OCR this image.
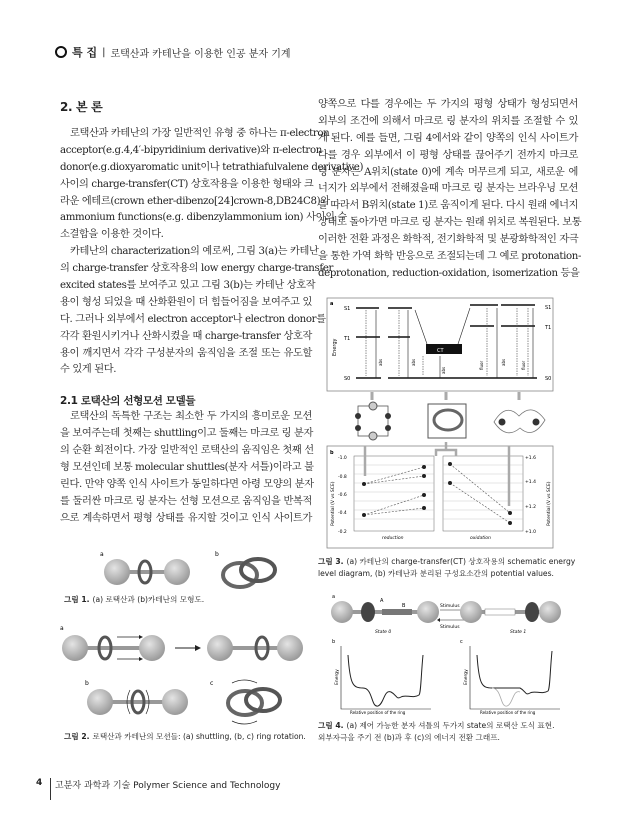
특 집 | 로택산과 카테난을 이용한 인공 분자 기계
2. 본 론
로택산과 카테난의 가장 일반적인 유형 중 하나는 π-electron
acceptor(e.g.4,4′-bipyridinium derivative)와 π-electron
donor(e.g.dioxyaromatic unit이나 tetrathiafulvalene derivative)
사이의 charge-transfer(CT) 상호작용을 이용한 형태와 크
라운 에테르(crown ether-dibenzo[24]crown-8,DB24C8)와
ammonium functions(e.g. dibenzylammonium ion) 사이의 수
소결합을 이용한 것이다.
카테난의 characterization의 예로써, 그림 3(a)는 카테난
의 charge-transfer 상호작용의 low energy charge-transfer
excited states를 보여주고 있고 그림 3(b)는 카테난 상호작
용이 형성 되었을 때 산화환원이 더 힘들어짐을 보여주고 있
다. 그러나 외부에서 electron acceptor나 electron donor를
각각 환원시키거나 산화시켰을 때 charge-transfer 상호작
용이 깨지면서 각각 구성분자의 움직임을 조절 또는 유도할
수 있게 된다.
2.1 로택산의 선형모션 모델들
로택산의 독특한 구조는 최소한 두 가지의 흥미로운 모션
을 보여주는데 첫째는 shuttling이고 둘째는 마크로 링 분자
의 순환 회전이다. 가장 일반적인 로택산의 움직임은 첫째 선
형 모션인데 보통 molecular shuttles(분자 셔틀)이라고 불
린다. 만약 양쪽 인식 사이트가 동일하다면 아령 모양의 분자
를 둘러싼 마크로 링 분자는 선형 모션으로 움직임을 반복적
으로 계속하면서 평형 상태를 유지할 것이고 인식 사이트가
양쪽으로 다를 경우에는 두 가지의 평형 상태가 형성되면서
외부의 조건에 의해서 마크로 링 분자의 위치를 조절할 수 있
게 된다. 예를 들면, 그림 4에서와 같이 양쪽의 인식 사이트가
다를 경우 외부에서 이 평형 상태를 끊어주기 전까지 마크로
링 분자는 A위치(state 0)에 계속 머무르게 되고, 새로운 에
너지가 외부에서 전해졌을때 마크로 링 분자는 브라우닝 모션
을 따라서 B위치(state 1)로 움직이게 된다. 다시 원래 에너지
상태로 돌아가면 마크로 링 분자는 원래 위치로 복원된다. 보통
이러한 전환 과정은 화학적, 전기화학적 및 분광화학적인 자극
을 통한 가역 화학 반응으로 조절되는데 그 예로 protonation-
deprotonation, reduction-oxidation, isomerization 등을
a	b
a
b	c
그림 1. (a) 로택산과 (b)카테난의 모형도.
그림 2. 로택산과 카테난의 모션들: (a) shuttling, (b, c) ring rotation.
a
S1
T1
S0
S1
T1
S0
Energy	CT
abs	abs
abs
abs
fluor	fluor
b
-1.0
-0.8
-0.6
-0.4
-0.2
+1.6
+1.4
+1.2
+1.0
Potential (V vs SCE)	Potential (V vs SCE)
reduction	oxidation
그림 3. (a) 카테난의 charge-transfer(CT) 상호작용의 schematic energy
level diagram, (b) 카테난과 분리된 구성요소간의 potential values.
a
A
B
State 0
Stimulus
Stimulus
State 1
b
Energy
Relative position of the ring
c
Energy
Relative position of the ring
그림 4. (a) 제어 가능한 분자 셔틀의 두가지 state의 로택산 도식 표현.
외부자극을 주기 전 (b)과 후 (c)의 에너지 전환 그래프.
4	고분자 과학과 기술 Polymer Science and Technology
